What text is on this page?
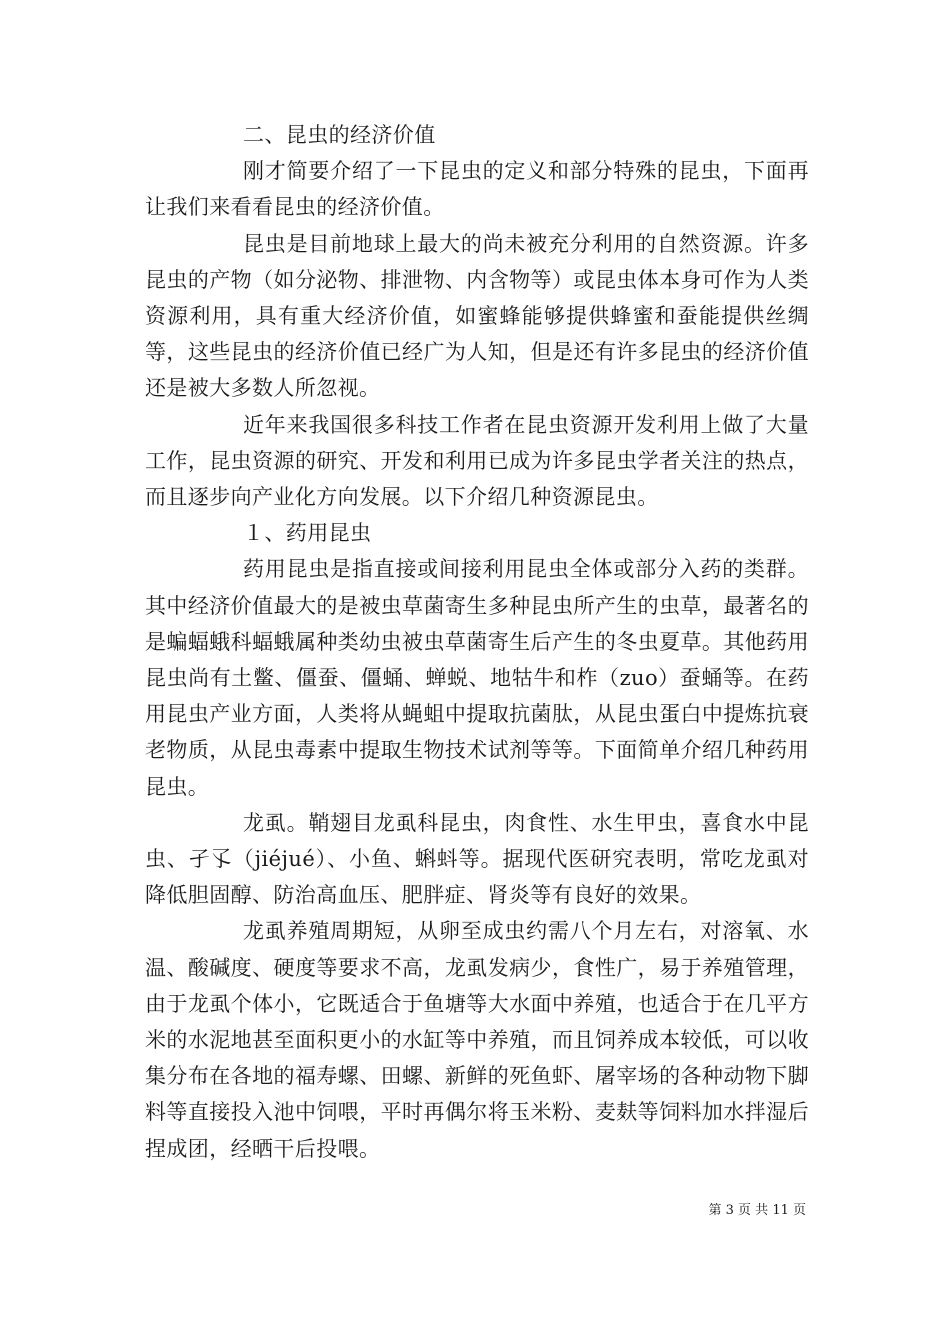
二、昆虫的经济价值

刚才简要介绍了一下昆虫的定义和部分特殊的昆虫，下面再让我们来看看昆虫的经济价值。

昆虫是目前地球上最大的尚未被充分利用的自然资源。许多昆虫的产物（如分泌物、排泄物、内含物等）或昆虫体本身可作为人类资源利用，具有重大经济价值，如蜜蜂能够提供蜂蜜和蚕能提供丝绸等，这些昆虫的经济价值已经广为人知，但是还有许多昆虫的经济价值还是被大多数人所忽视。

近年来我国很多科技工作者在昆虫资源开发利用上做了大量工作，昆虫资源的研究、开发和利用已成为许多昆虫学者关注的热点，而且逐步向产业化方向发展。以下介绍几种资源昆虫。

１、药用昆虫

药用昆虫是指直接或间接利用昆虫全体或部分入药的类群。其中经济价值最大的是被虫草菌寄生多种昆虫所产生的虫草，最著名的是蝙蝠蛾科蝠蛾属种类幼虫被虫草菌寄生后产生的冬虫夏草。其他药用昆虫尚有土鳖、僵蚕、僵蛹、蝉蜕、地牯牛和柞（zuo）蚕蛹等。在药用昆虫产业方面，人类将从蝇蛆中提取抗菌肽，从昆虫蛋白中提炼抗衰老物质，从昆虫毒素中提取生物技术试剂等等。下面简单介绍几种药用昆虫。

龙虱。鞘翅目龙虱科昆虫，肉食性、水生甲虫，喜食水中昆虫、孑孓（jiéjué）、小鱼、蝌蚪等。据现代医研究表明，常吃龙虱对降低胆固醇、防治高血压、肥胖症、肾炎等有良好的效果。

龙虱养殖周期短，从卵至成虫约需八个月左右，对溶氧、水温、酸碱度、硬度等要求不高，龙虱发病少，食性广，易于养殖管理，由于龙虱个体小，它既适合于鱼塘等大水面中养殖，也适合于在几平方米的水泥地甚至面积更小的水缸等中养殖，而且饲养成本较低，可以收集分布在各地的福寿螺、田螺、新鲜的死鱼虾、屠宰场的各种动物下脚料等直接投入池中饲喂，平时再偶尔将玉米粉、麦麸等饲料加水拌湿后捏成团，经晒干后投喂。

第 3 页 共 11 页
